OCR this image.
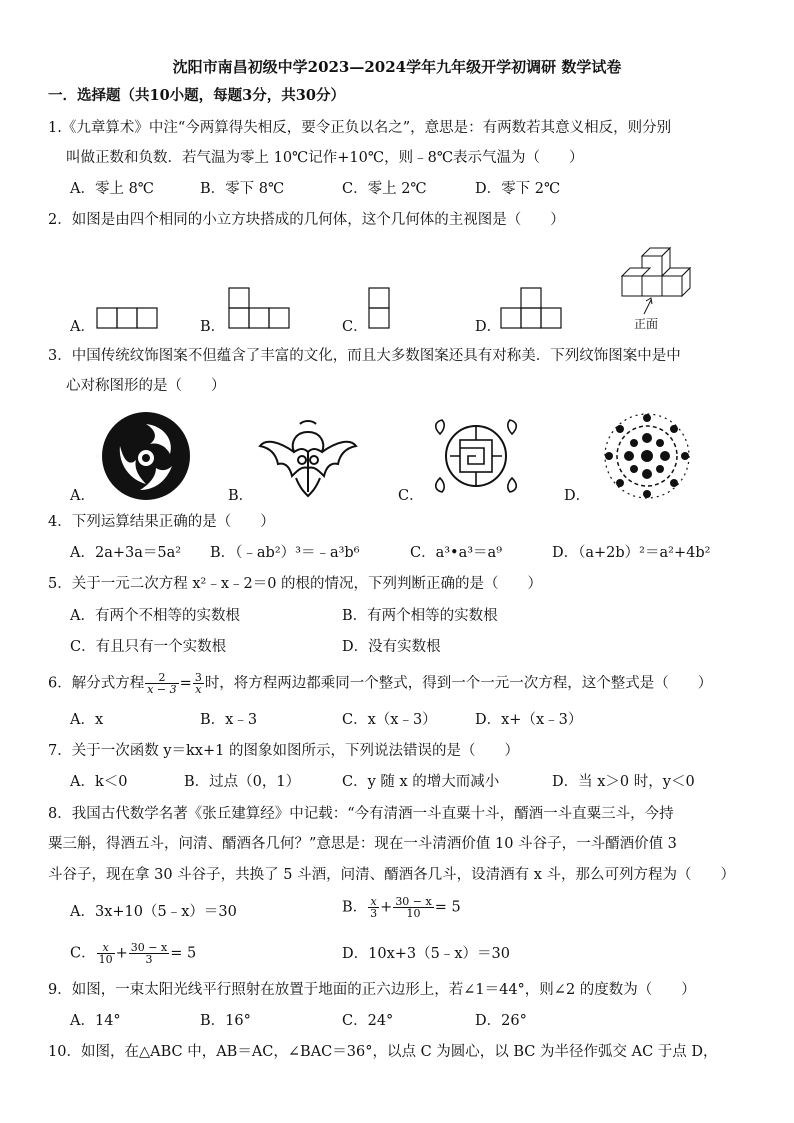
沈阳市南昌初级中学2023—2024学年九年级开学初调研 数学试卷
一．选择题（共10小题，每题3分，共30分）
1.《九章算术》中注“今两算得失相反，要令正负以名之”，意思是：有两数若其意义相反，则分别
叫做正数和负数．若气温为零上 10℃记作+10℃，则﹣8℃表示气温为（　　）
A．零上 8℃	B．零下 8℃	C．零上 2℃	D．零下 2℃
2．如图是由四个相同的小立方块搭成的几何体，这个几何体的主视图是（　　）
A．	B．	C．	D．	正面
3．中国传统纹饰图案不但蕴含了丰富的文化，而且大多数图案还具有对称美．下列纹饰图案中是中
心对称图形的是（　　）
A．	B．	C．	D．
4．下列运算结果正确的是（　　）
A．2a+3a＝5a² B．（﹣ab²）³＝﹣a³b⁶	C．a³•a³＝a⁹	D．（a+2b）²＝a²+4b²
5．关于一元二次方程 x²﹣x﹣2＝0 的根的情况，下列判断正确的是（　　）
A．有两个不相等的实数根	B．有两个相等的实数根
C．有且只有一个实数根	D．没有实数根
6．解分式方程 $\frac{2}{x - 3} = \frac{3}{x}$ 时，将方程两边都乘同一个整式，得到一个一元一次方程，这个整式是（　　）
A．x	B．x﹣3	C．x（x﹣3）	D．x+（x﹣3）
7．关于一次函数 y＝kx+1 的图象如图所示，下列说法错误的是（　　）
A．k＜0	B．过点（0，1）	C．y 随 x 的增大而减小	D．当 x＞0 时，y＜0
8．我国古代数学名著《张丘建算经》中记载：“今有清酒一斗直粟十斗，醑酒一斗直粟三斗，今持
粟三斛，得酒五斗，问清、醑酒各几何？”意思是：现在一斗清酒价值 10 斗谷子，一斗醑酒价值 3
斗谷子，现在拿 30 斗谷子，共换了 5 斗酒，问清、醑酒各几斗，设清酒有 x 斗，那么可列方程为（　　）
A．3x+10（5﹣x）＝30	B． $\frac{x}{3} + \frac{30 - x}{10} = 5$
C． $\frac{x}{10} + \frac{30 - x}{3} = 5$	D．10x+3（5﹣x）＝30
9．如图，一束太阳光线平行照射在放置于地面的正六边形上，若∠1＝44°，则∠2 的度数为（　　）
A．14°	B．16°	C．24°	D．26°
10．如图，在△ABC 中，AB＝AC，∠BAC＝36°，以点 C 为圆心，以 BC 为半径作弧交 AC 于点 D，
